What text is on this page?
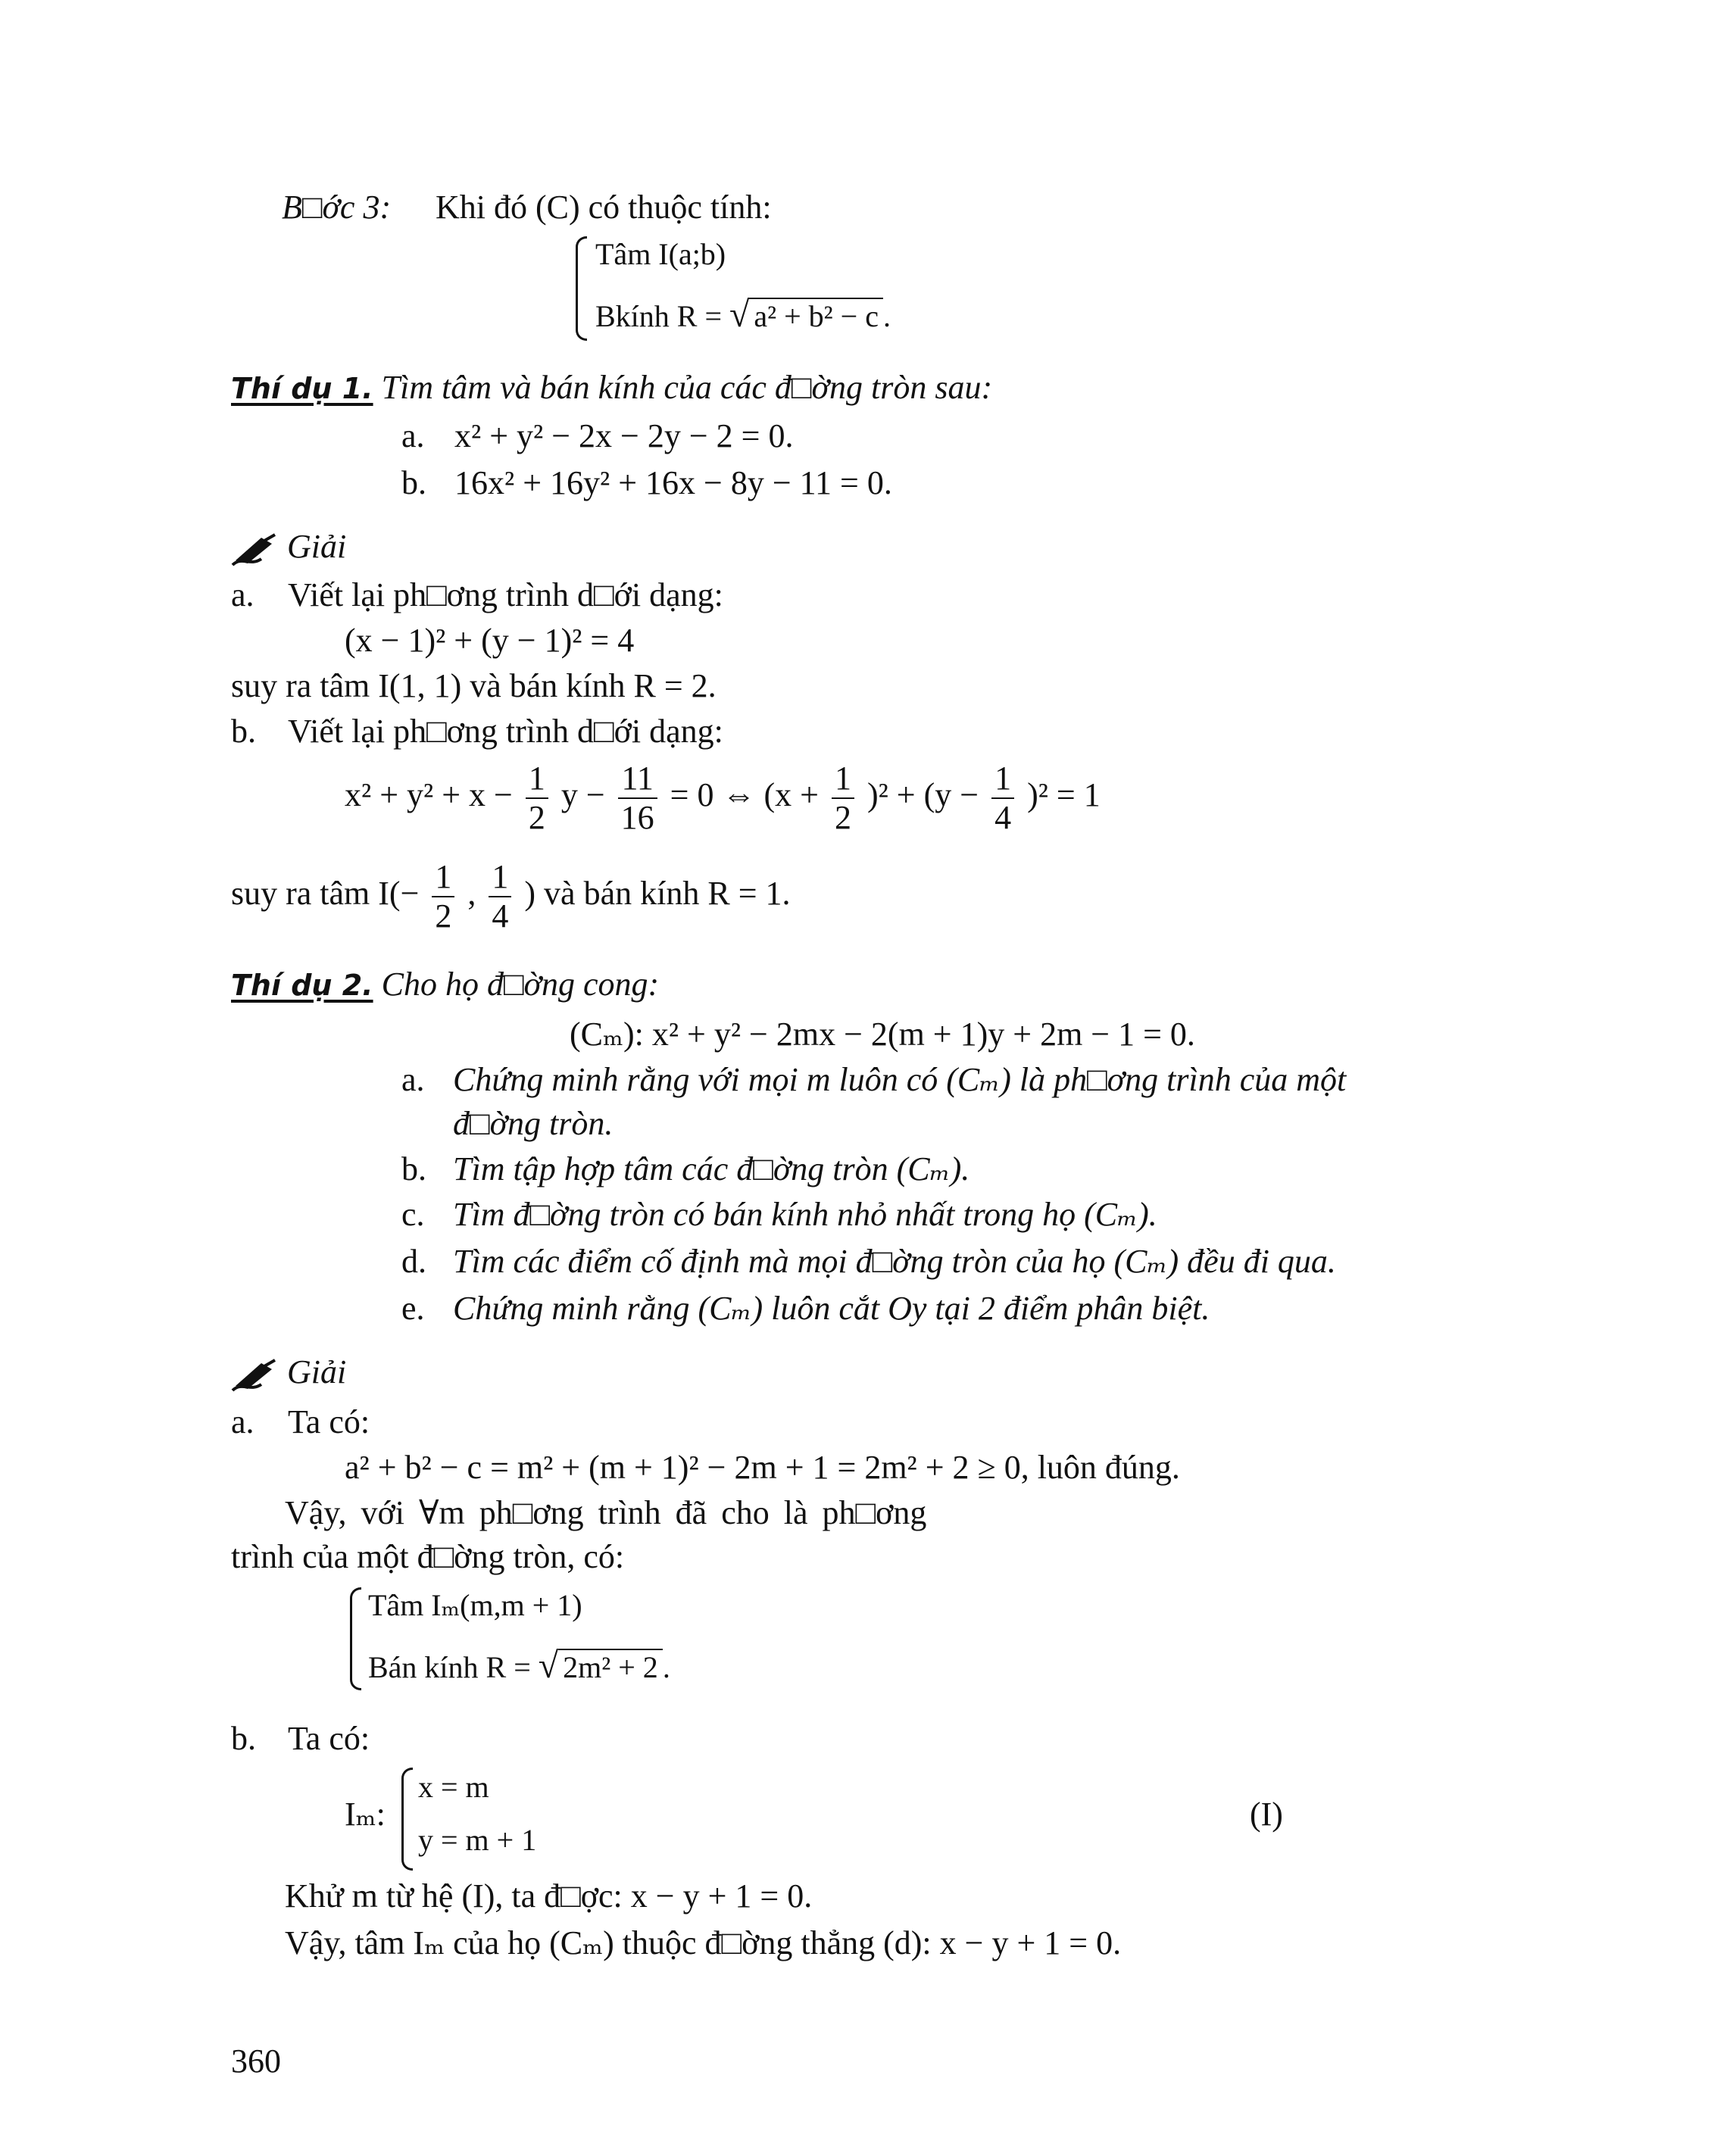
B□ớc 3: Khi đó (C) có thuộc tính:
Tâm I(a;b)
Bkính R = √ a² + b² − c .
Thí dụ 1. Tìm tâm và bán kính của các đ□ờng tròn sau:
a. x² + y² − 2x − 2y − 2 = 0.
b. 16x² + 16y² + 16x − 8y − 11 = 0.
Giải
a. Viết lại ph□ơng trình d□ới dạng:
(x − 1)² + (y − 1)² = 4
suy ra tâm I(1, 1) và bán kính R = 2.
b. Viết lại ph□ơng trình d□ới dạng:
$x^2 + y^2 + x - \frac{1}{2}$ $y - \frac{11}{16} = 0$ ⇔ $(x + \frac{1}{2} )^2 + (y - \frac{1}{4} )^2 = 1$
suy ra tâm $I(- \frac{1}{2}$ , $\frac{1}{4}$ ) và bán kính R = 1.
Thí dụ 2. Cho họ đ□ờng cong:
(Cₘ): x² + y² − 2mx − 2(m + 1)y + 2m − 1 = 0.
a. Chứng minh rằng với mọi m luôn có (Cₘ) là ph□ơng trình của một
đ□ờng tròn.
b. Tìm tập hợp tâm các đ□ờng tròn (Cₘ).
c. Tìm đ□ờng tròn có bán kính nhỏ nhất trong họ (Cₘ).
d. Tìm các điểm cố định mà mọi đ□ờng tròn của họ (Cₘ) đều đi qua.
e. Chứng minh rằng (Cₘ) luôn cắt Oy tại 2 điểm phân biệt.
Giải
a. Ta có:
a² + b² − c = m² + (m + 1)² − 2m + 1 = 2m² + 2 ≥ 0, luôn đúng.
Vậy, với ∀m ph□ơng trình đã cho là ph□ơng
trình của một đ□ờng tròn, có:
Tâm Iₘ(m,m + 1)
Bán kính R = √ 2m² + 2 .
b. Ta có:
Iₘ:
x = m
y = m + 1
(I)
Khử m từ hệ (I), ta đ□ợc: x − y + 1 = 0.
Vậy, tâm Iₘ của họ (Cₘ) thuộc đ□ờng thẳng (d): x − y + 1 = 0.
360
